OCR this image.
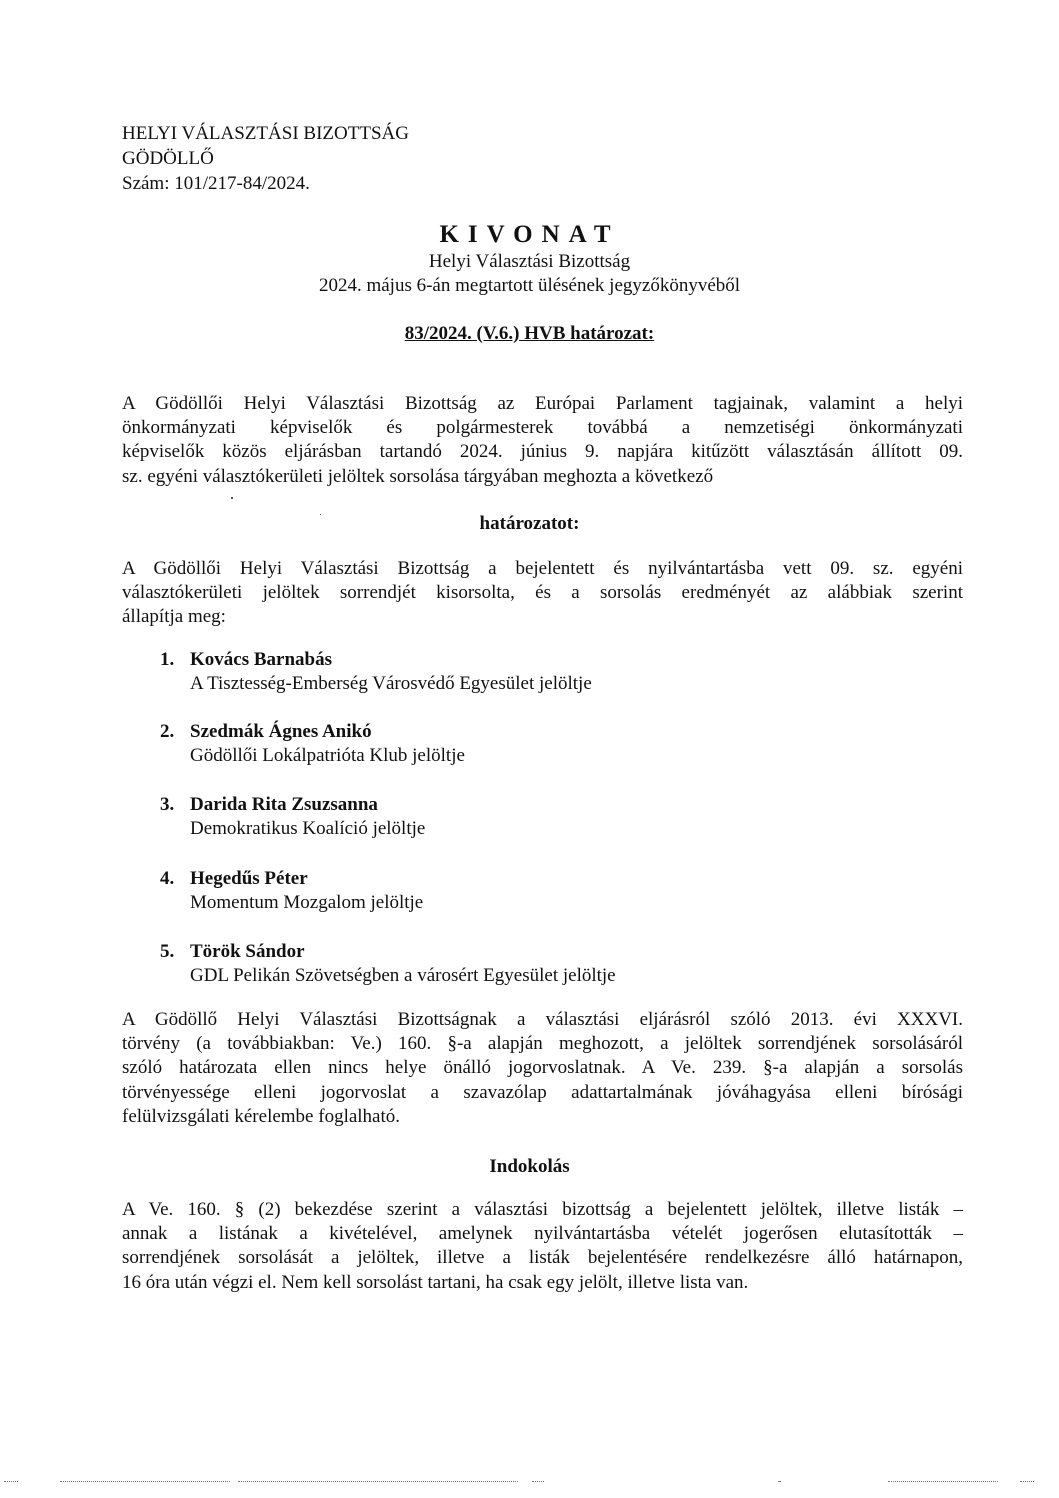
HELYI VÁLASZTÁSI BIZOTTSÁG
GÖDÖLLŐ
Szám: 101/217-84/2024.
KIVONAT
Helyi Választási Bizottság
2024. május 6-án megtartott ülésének jegyzőkönyvéből
83/2024. (V.6.) HVB határozat:
A Gödöllői Helyi Választási Bizottság az Európai Parlament tagjainak, valamint a helyi
önkormányzati képviselők és polgármesterek továbbá a nemzetiségi önkormányzati
képviselők közös eljárásban tartandó 2024. június 9. napjára kitűzött választásán állított 09.
sz. egyéni választókerületi jelöltek sorsolása tárgyában meghozta a következő
határozatot:
A Gödöllői Helyi Választási Bizottság a bejelentett és nyilvántartásba vett 09. sz. egyéni
választókerületi jelöltek sorrendjét kisorsolta, és a sorsolás eredményét az alábbiak szerint
állapítja meg:
1. Kovács Barnabás
A Tisztesség-Emberség Városvédő Egyesület jelöltje
2. Szedmák Ágnes Anikó
Gödöllői Lokálpatrióta Klub jelöltje
3. Darida Rita Zsuzsanna
Demokratikus Koalíció jelöltje
4. Hegedűs Péter
Momentum Mozgalom jelöltje
5. Török Sándor
GDL Pelikán Szövetségben a városért Egyesület jelöltje
A Gödöllő Helyi Választási Bizottságnak a választási eljárásról szóló 2013. évi XXXVI.
törvény (a továbbiakban: Ve.) 160. §-a alapján meghozott, a jelöltek sorrendjének sorsolásáról
szóló határozata ellen nincs helye önálló jogorvoslatnak. A Ve. 239. §-a alapján a sorsolás
törvényessége elleni jogorvoslat a szavazólap adattartalmának jóváhagyása elleni bírósági
felülvizsgálati kérelembe foglalható.
Indokolás
A Ve. 160. § (2) bekezdése szerint a választási bizottság a bejelentett jelöltek, illetve listák –
annak a listának a kivételével, amelynek nyilvántartásba vételét jogerősen elutasították –
sorrendjének sorsolását a jelöltek, illetve a listák bejelentésére rendelkezésre álló határnapon,
16 óra után végzi el. Nem kell sorsolást tartani, ha csak egy jelölt, illetve lista van.
